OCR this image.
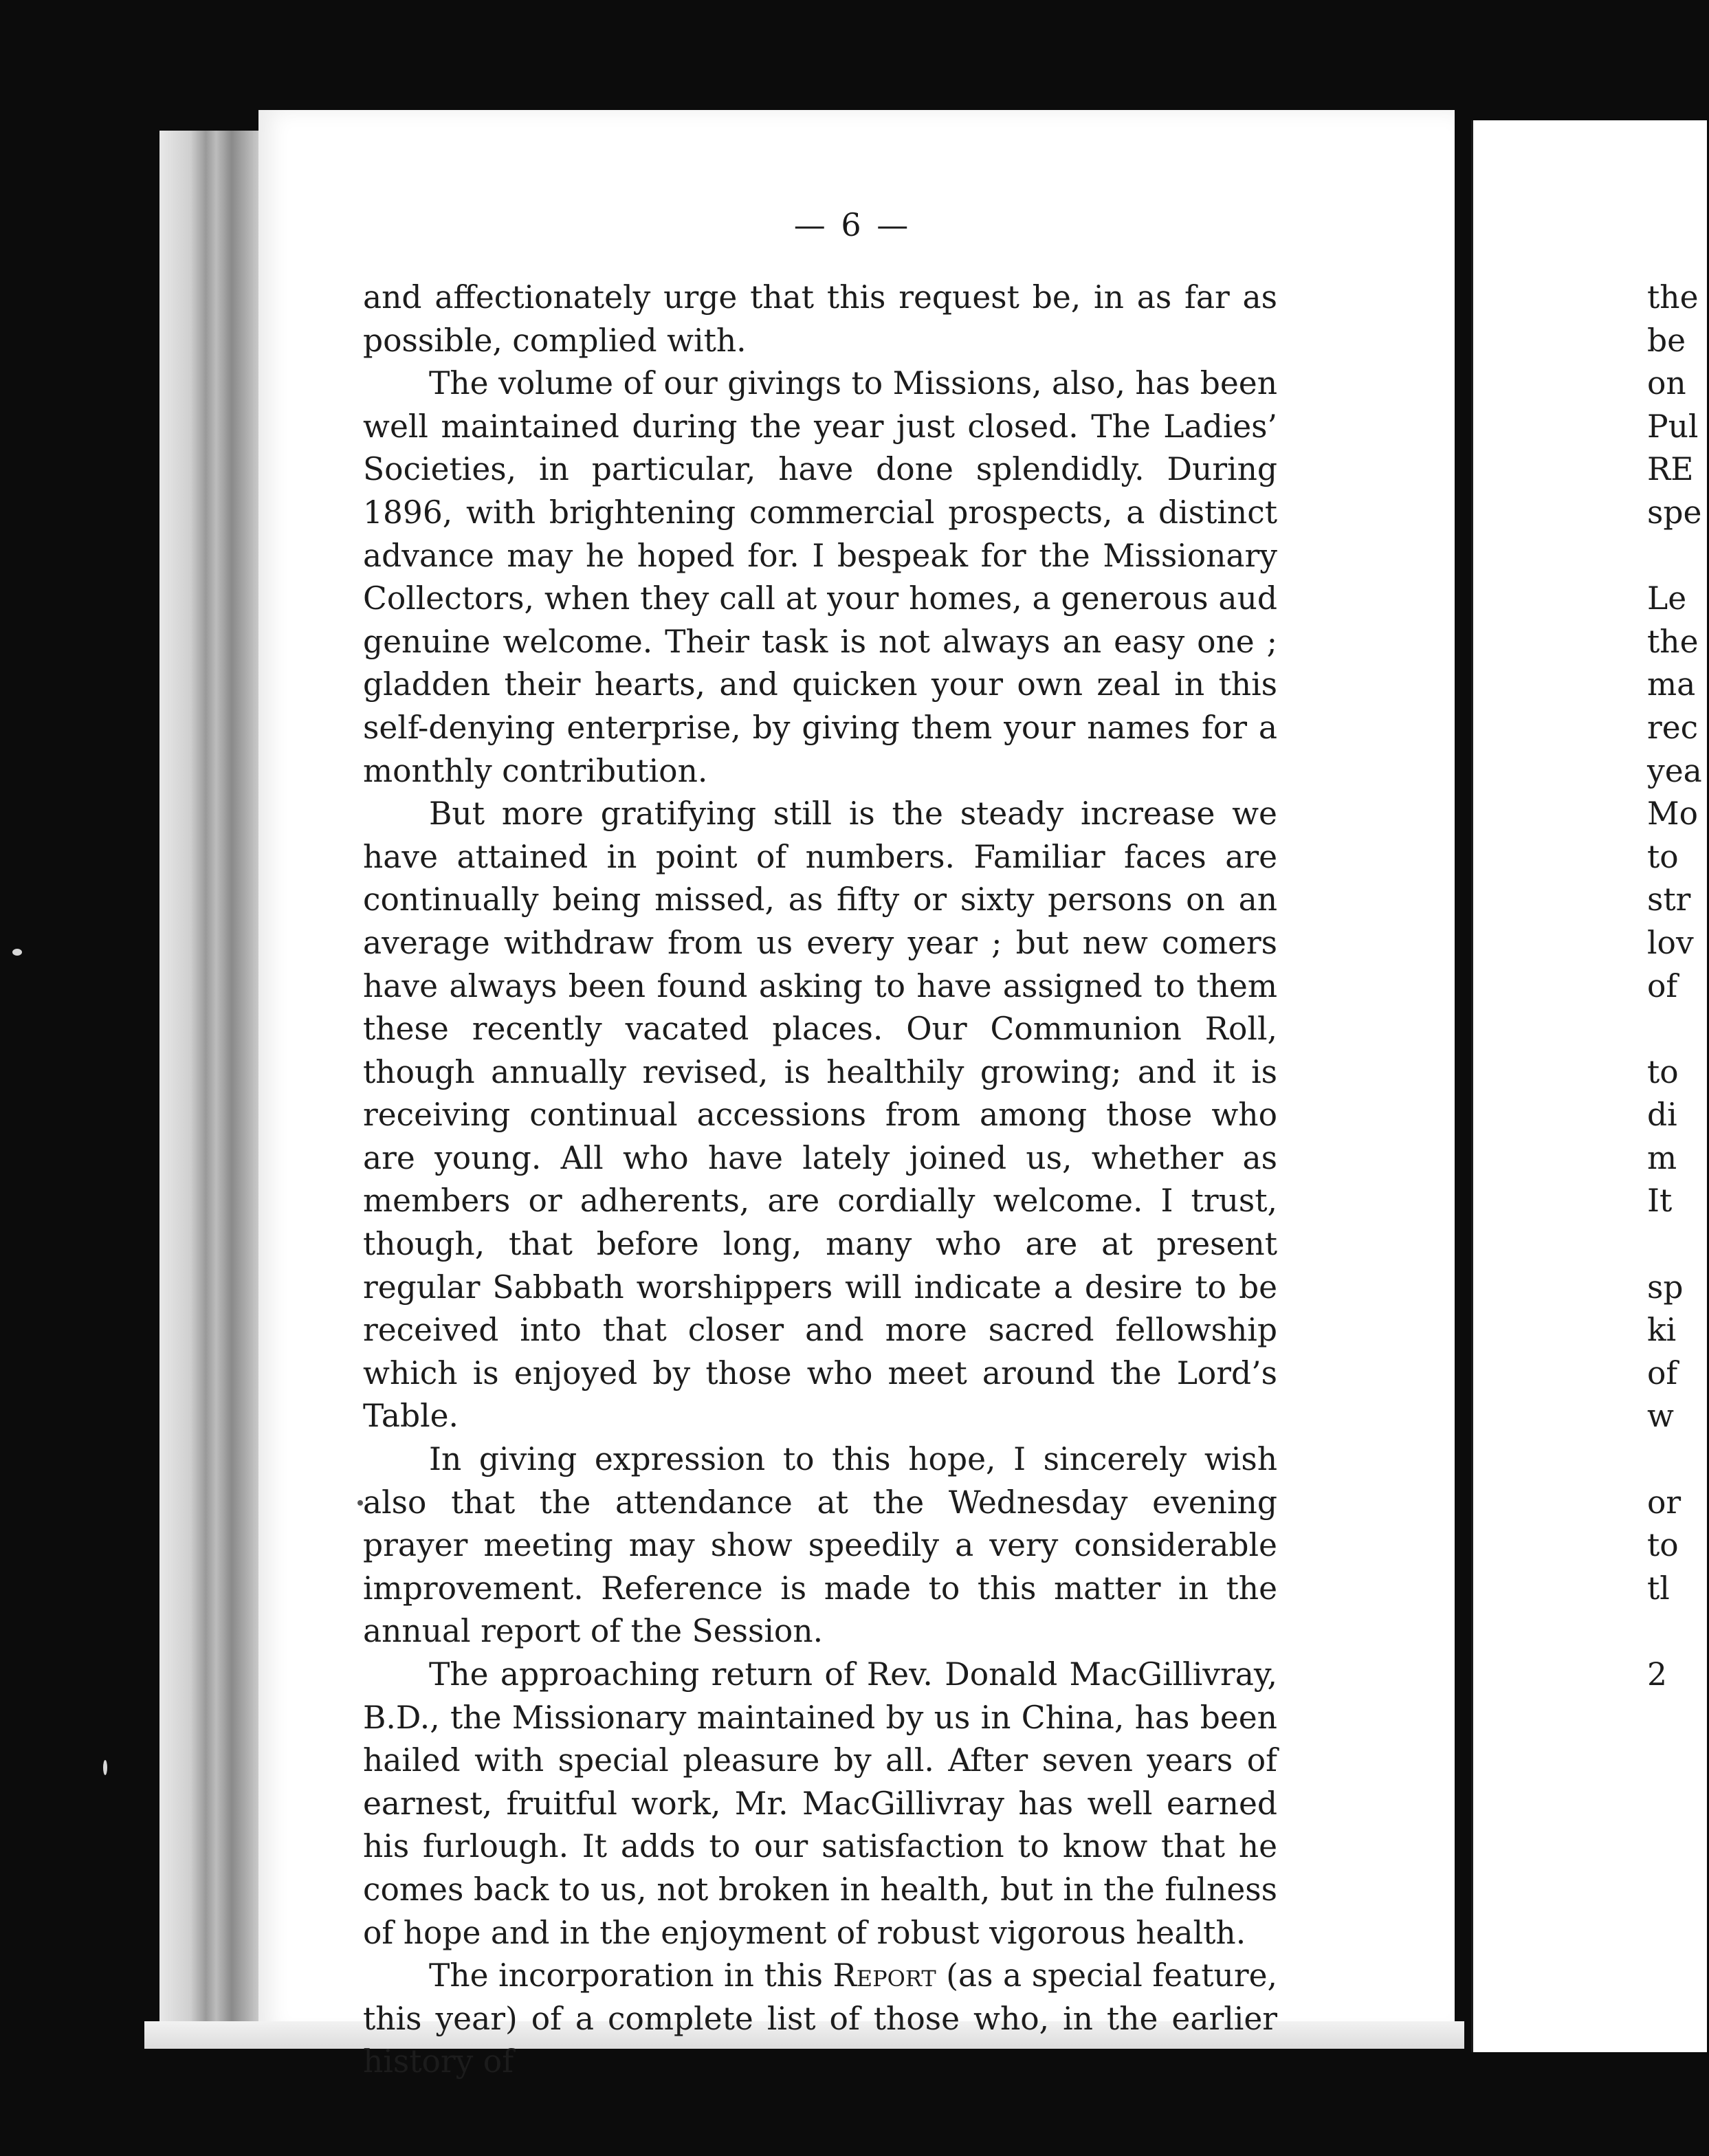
— 6 —

and affectionately urge that this request be, in as far as possible, complied with.

The volume of our givings to Missions, also, has been well maintained during the year just closed. The Ladies’ Societies, in particular, have done splendidly. During 1896, with brightening commercial prospects, a distinct advance may he hoped for. I bespeak for the Missionary Collectors, when they call at your homes, a generous aud genuine welcome. Their task is not always an easy one ; gladden their hearts, and quicken your own zeal in this self-denying enterprise, by giving them your names for a monthly contribution.

But more gratifying still is the steady increase we have attained in point of numbers. Familiar faces are continually being missed, as fifty or sixty persons on an average withdraw from us every year ; but new comers have always been found asking to have assigned to them these recently vacated places. Our Communion Roll, though annually revised, is healthily growing; and it is receiving continual accessions from among those who are young. All who have lately joined us, whether as members or adherents, are cordially welcome. I trust, though, that before long, many who are at present regular Sabbath worshippers will indicate a desire to be received into that closer and more sacred fellowship which is enjoyed by those who meet around the Lord’s Table.

In giving expression to this hope, I sincerely wish also that the attendance at the Wednesday evening prayer meeting may show speedily a very considerable improvement. Reference is made to this matter in the annual report of the Session.

The approaching return of Rev. Donald MacGillivray, B.D., the Missionary maintained by us in China, has been hailed with special pleasure by all. After seven years of earnest, fruitful work, Mr. MacGillivray has well earned his furlough. It adds to our satisfaction to know that he comes back to us, not broken in health, but in the fulness of hope and in the enjoyment of robust vigorous health.

The incorporation in this Report (as a special feature, this year) of a complete list of those who, in the earlier history of

the
be
on
Pul
RE
spe
Le
the
ma
rec
yea
Mo
to
str
lov
of
to
di
m
It
sp
ki
of
w
or
to
tl
2
